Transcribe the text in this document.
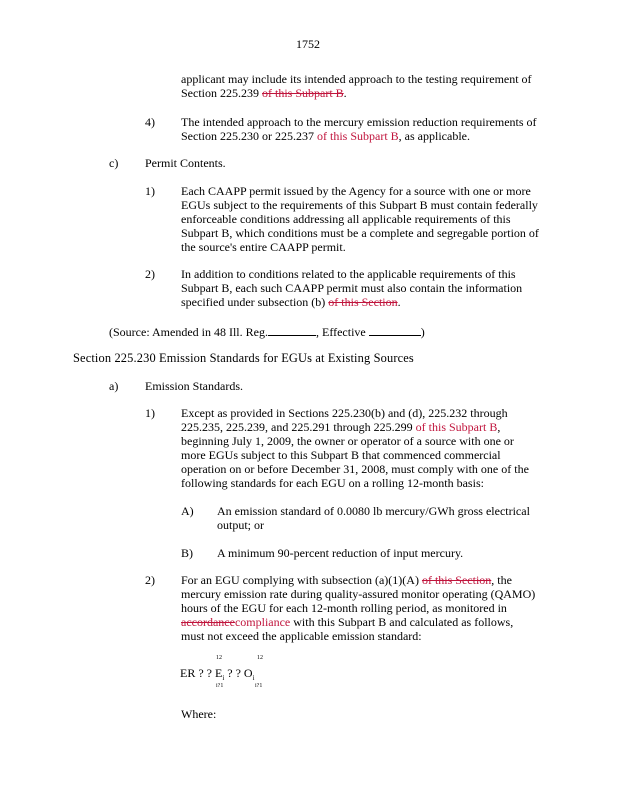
1752
applicant may include its intended approach to the testing requirement of
Section 225.239 of this Subpart B.
4) The intended approach to the mercury emission reduction requirements of
Section 225.230 or 225.237 of this Subpart B, as applicable.
c) Permit Contents.
1) Each CAAPP permit issued by the Agency for a source with one or more
EGUs subject to the requirements of this Subpart B must contain federally
enforceable conditions addressing all applicable requirements of this
Subpart B, which conditions must be a complete and segregable portion of
the source's entire CAAPP permit.
2) In addition to conditions related to the applicable requirements of this
Subpart B, each such CAAPP permit must also contain the information
specified under subsection (b) of this Section.
(Source: Amended in 48 Ill. Reg.	, Effective	)
Section 225.230 Emission Standards for EGUs at Existing Sources
a) Emission Standards.
1) Except as provided in Sections 225.230(b) and (d), 225.232 through
225.235, 225.239, and 225.291 through 225.299 of this Subpart B,
beginning July 1, 2009, the owner or operator of a source with one or
more EGUs subject to this Subpart B that commenced commercial
operation on or before December 31, 2008, must comply with one of the
following standards for each EGU on a rolling 12-month basis:
A) An emission standard of 0.0080 lb mercury/GWh gross electrical
output; or
B) A minimum 90-percent reduction of input mercury.
2) For an EGU complying with subsection (a)(1)(A) of this Section, the
mercury emission rate during quality-assured monitor operating (QAMO)
hours of the EGU for each 12-month rolling period, as monitored in
accordancecompliance with this Subpart B and calculated as follows,
must not exceed the applicable emission standard:
12	12
ER ? ? $E_i$ ? ? $O_i$
i?1	i?1
Where:
